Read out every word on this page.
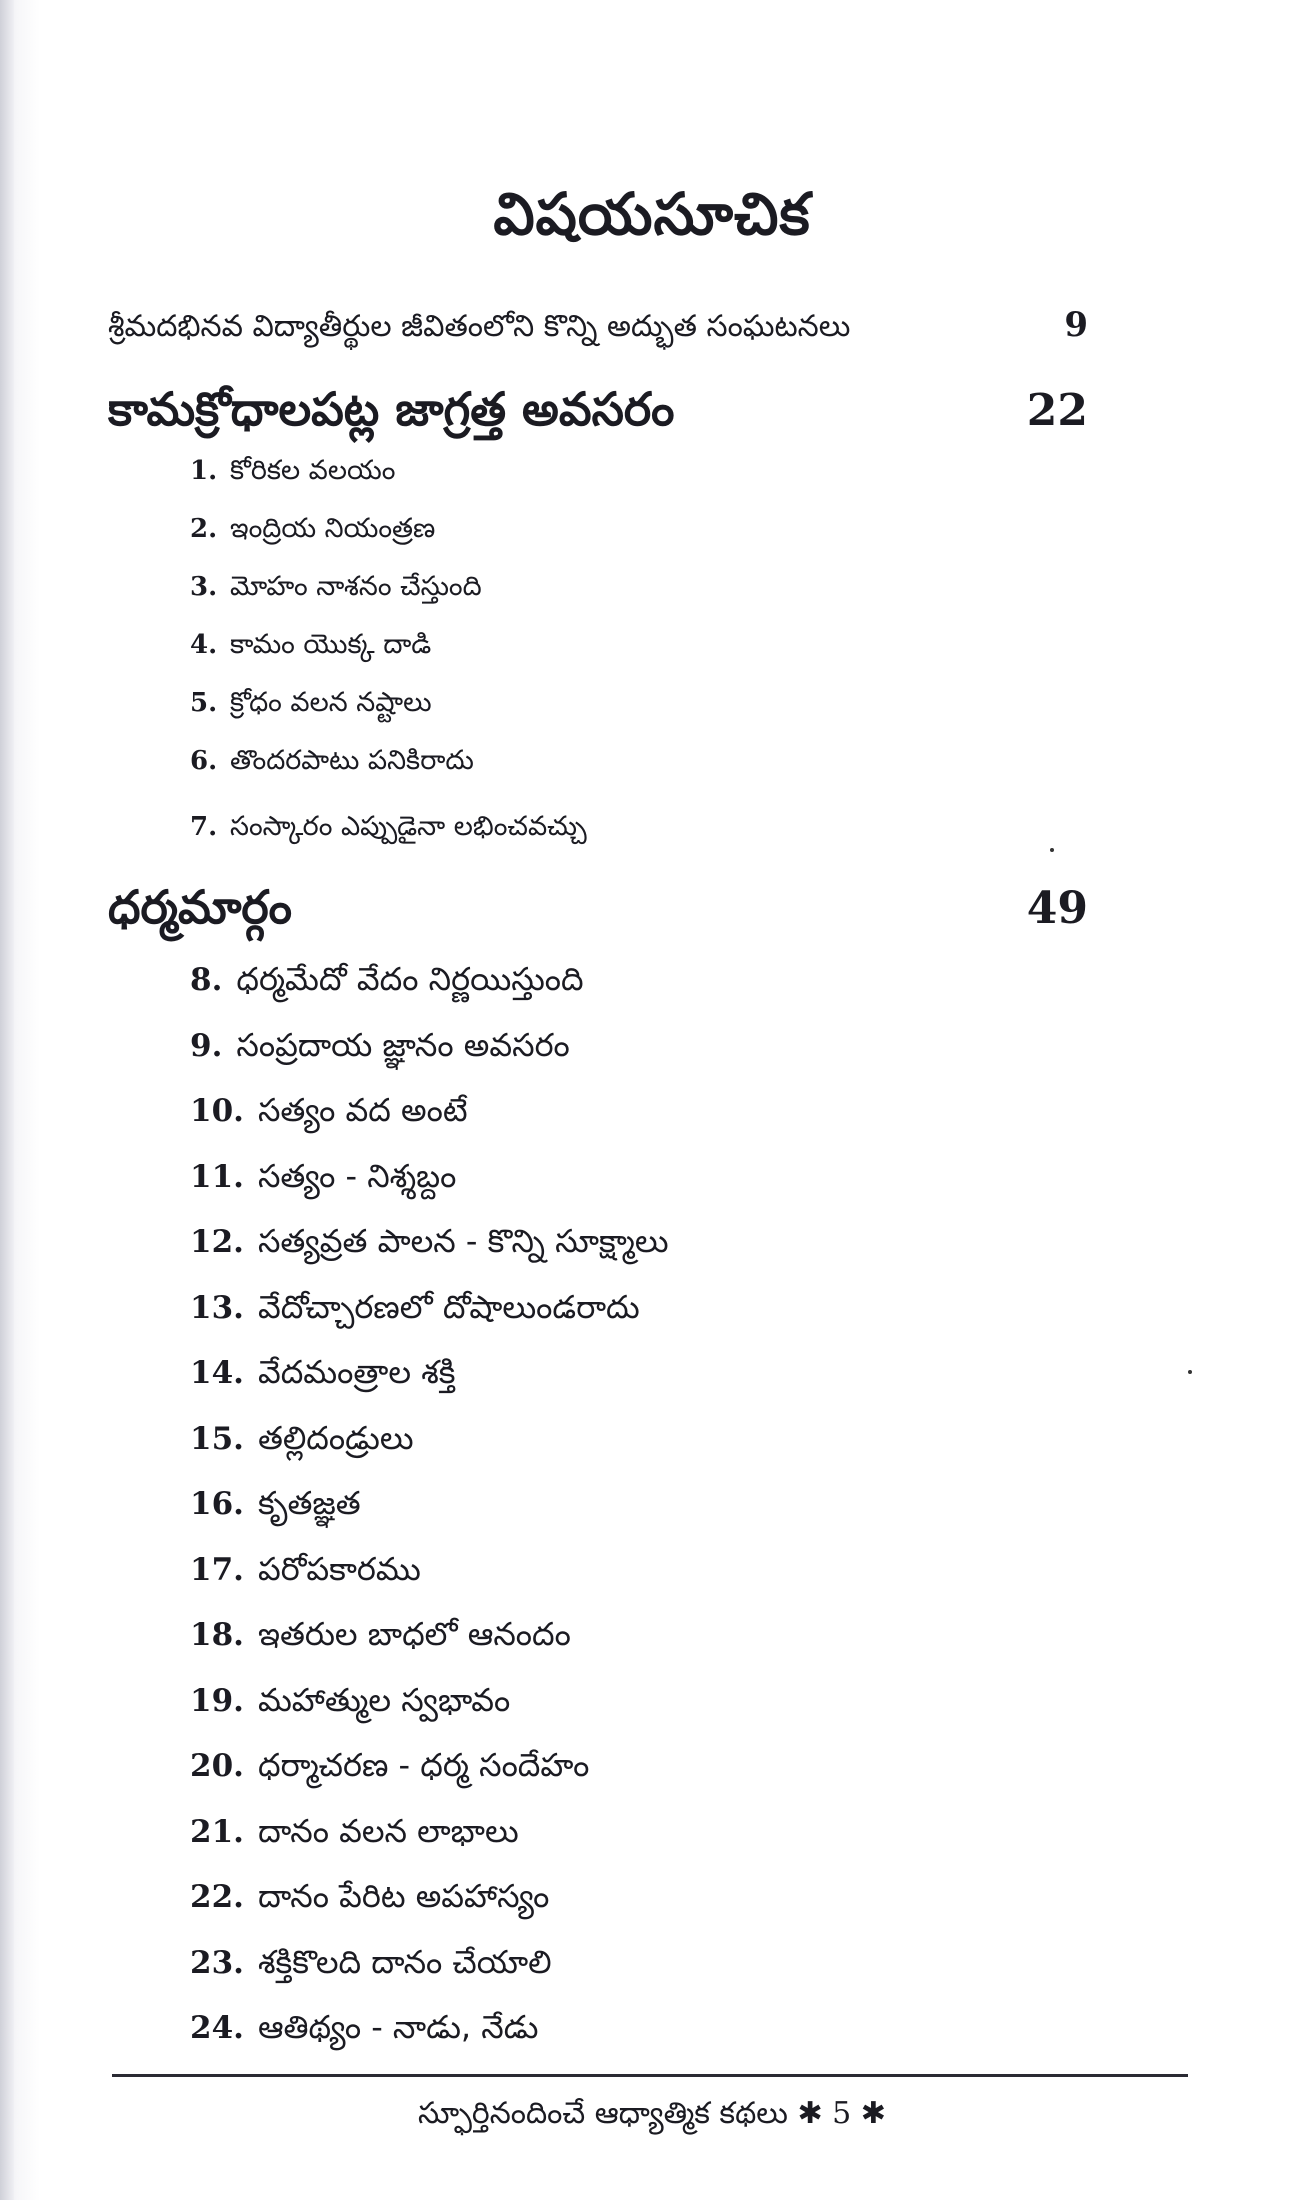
విషయసూచిక
శ్రీమదభినవ విద్యాతీర్థుల జీవితంలోని కొన్ని అద్భుత సంఘటనలు	9
కామక్రోధాలపట్ల జాగ్రత్త అవసరం	22
1. కోరికల వలయం
2. ఇంద్రియ నియంత్రణ
3. మోహం నాశనం చేస్తుంది
4. కామం యొక్క దాడి
5. క్రోధం వలన నష్టాలు
6. తొందరపాటు పనికిరాదు
7. సంస్కారం ఎప్పుడైనా లభించవచ్చు
ధర్మమార్గం	49
8. ధర్మమేదో వేదం నిర్ణయిస్తుంది
9. సంప్రదాయ జ్ఞానం అవసరం
10. సత్యం వద అంటే
11. సత్యం - నిశ్శబ్దం
12. సత్యవ్రత పాలన - కొన్ని సూక్ష్మాలు
13. వేదోచ్చారణలో దోషాలుండరాదు
14. వేదమంత్రాల శక్తి
15. తల్లిదండ్రులు
16. కృతజ్ఞత
17. పరోపకారము
18. ఇతరుల బాధలో ఆనందం
19. మహాత్ముల స్వభావం
20. ధర్మాచరణ - ధర్మ సందేహం
21. దానం వలన లాభాలు
22. దానం పేరిట అపహాస్యం
23. శక్తికొలది దానం చేయాలి
24. ఆతిథ్యం - నాడు, నేడు
స్ఫూర్తినందించే ఆధ్యాత్మిక కథలు ✱ 5 ✱
